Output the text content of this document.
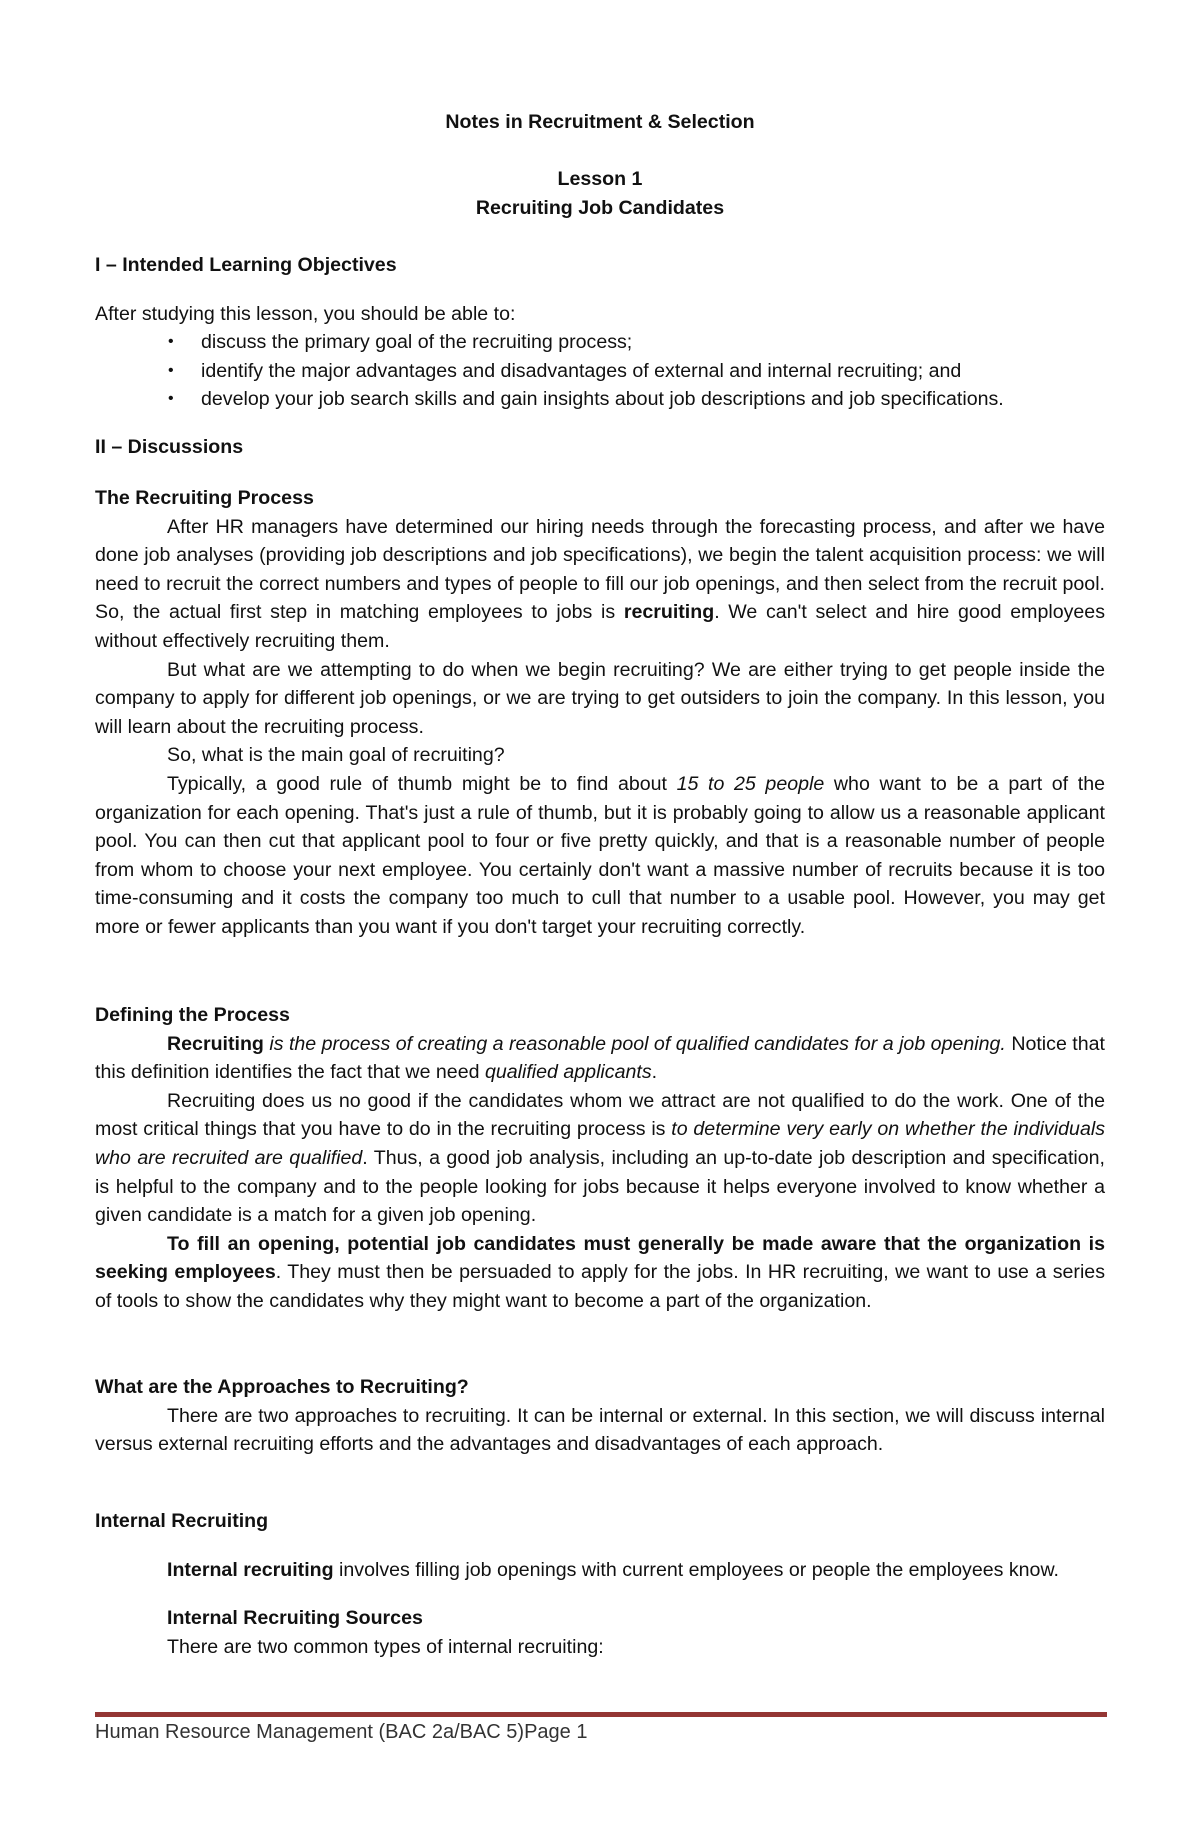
Notes in Recruitment & Selection
Lesson 1
Recruiting Job Candidates
I – Intended Learning Objectives

After studying this lesson, you should be able to:

• discuss the primary goal of the recruiting process;
• identify the major advantages and disadvantages of external and internal recruiting; and
• develop your job search skills and gain insights about job descriptions and job specifications.
II – Discussions
The Recruiting Process

After HR managers have determined our hiring needs through the forecasting process, and after we have done job analyses (providing job descriptions and job specifications), we begin the talent acquisition process: we will need to recruit the correct numbers and types of people to fill our job openings, and then select from the recruit pool. So, the actual first step in matching employees to jobs is recruiting. We can't select and hire good employees without effectively recruiting them.

But what are we attempting to do when we begin recruiting? We are either trying to get people inside the company to apply for different job openings, or we are trying to get outsiders to join the company. In this lesson, you will learn about the recruiting process.

So, what is the main goal of recruiting?

Typically, a good rule of thumb might be to find about 15 to 25 people who want to be a part of the organization for each opening. That's just a rule of thumb, but it is probably going to allow us a reasonable applicant pool. You can then cut that applicant pool to four or five pretty quickly, and that is a reasonable number of people from whom to choose your next employee. You certainly don't want a massive number of recruits because it is too time-consuming and it costs the company too much to cull that number to a usable pool. However, you may get more or fewer applicants than you want if you don't target your recruiting correctly.

Defining the Process

Recruiting is the process of creating a reasonable pool of qualified candidates for a job opening. Notice that this definition identifies the fact that we need qualified applicants.

Recruiting does us no good if the candidates whom we attract are not qualified to do the work. One of the most critical things that you have to do in the recruiting process is to determine very early on whether the individuals who are recruited are qualified. Thus, a good job analysis, including an up-to-date job description and specification, is helpful to the company and to the people looking for jobs because it helps everyone involved to know whether a given candidate is a match for a given job opening.

To fill an opening, potential job candidates must generally be made aware that the organization is seeking employees. They must then be persuaded to apply for the jobs. In HR recruiting, we want to use a series of tools to show the candidates why they might want to become a part of the organization.

What are the Approaches to Recruiting?

There are two approaches to recruiting. It can be internal or external. In this section, we will discuss internal versus external recruiting efforts and the advantages and disadvantages of each approach.

Internal Recruiting

Internal recruiting involves filling job openings with current employees or people the employees know.

Internal Recruiting Sources
There are two common types of internal recruiting:
Human Resource Management (BAC 2a/BAC 5)Page 1
